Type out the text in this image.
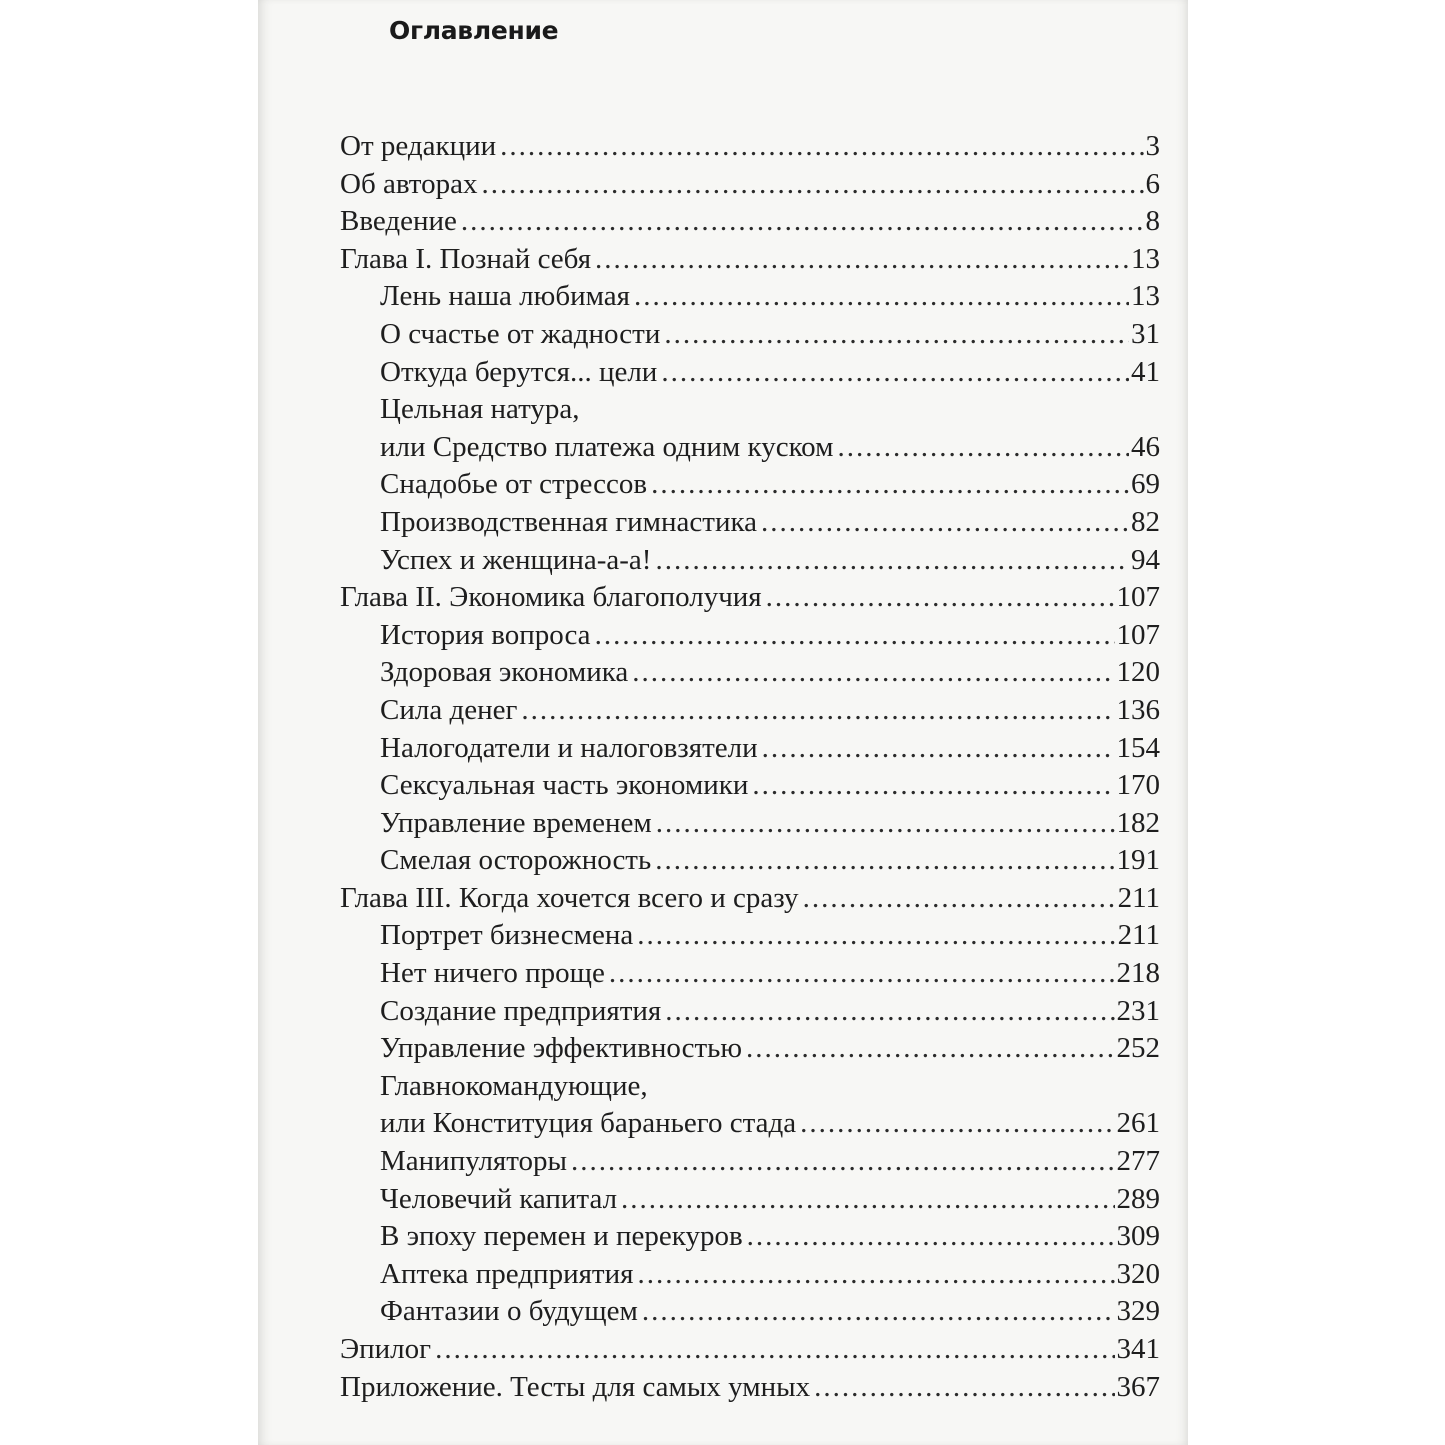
Оглавление
От редакции .....	3
Об авторах .....	6
Введение .....	8
Глава I. Познай себя .....	13
Лень наша любимая .....	13
О счастье от жадности .....	31
Откуда берутся... цели .....	41
Цельная натура,
или Средство платежа одним куском .....	46
Снадобье от стрессов .....	69
Производственная гимнастика .....	82
Успех и женщина-а-а! .....	94
Глава II. Экономика благополучия .....	107
История вопроса .....	107
Здоровая экономика .....	120
Сила денег .....	136
Налогодатели и налоговзятели .....	154
Сексуальная часть экономики .....	170
Управление временем .....	182
Смелая осторожность .....	191
Глава III. Когда хочется всего и сразу .....	211
Портрет бизнесмена .....	211
Нет ничего проще .....	218
Создание предприятия .....	231
Управление эффективностью .....	252
Главнокомандующие,
или Конституция бараньего стада .....	261
Манипуляторы .....	277
Человечий капитал .....	289
В эпоху перемен и перекуров .....	309
Аптека предприятия .....	320
Фантазии о будущем .....	329
Эпилог .....	341
Приложение. Тесты для самых умных .....	367
